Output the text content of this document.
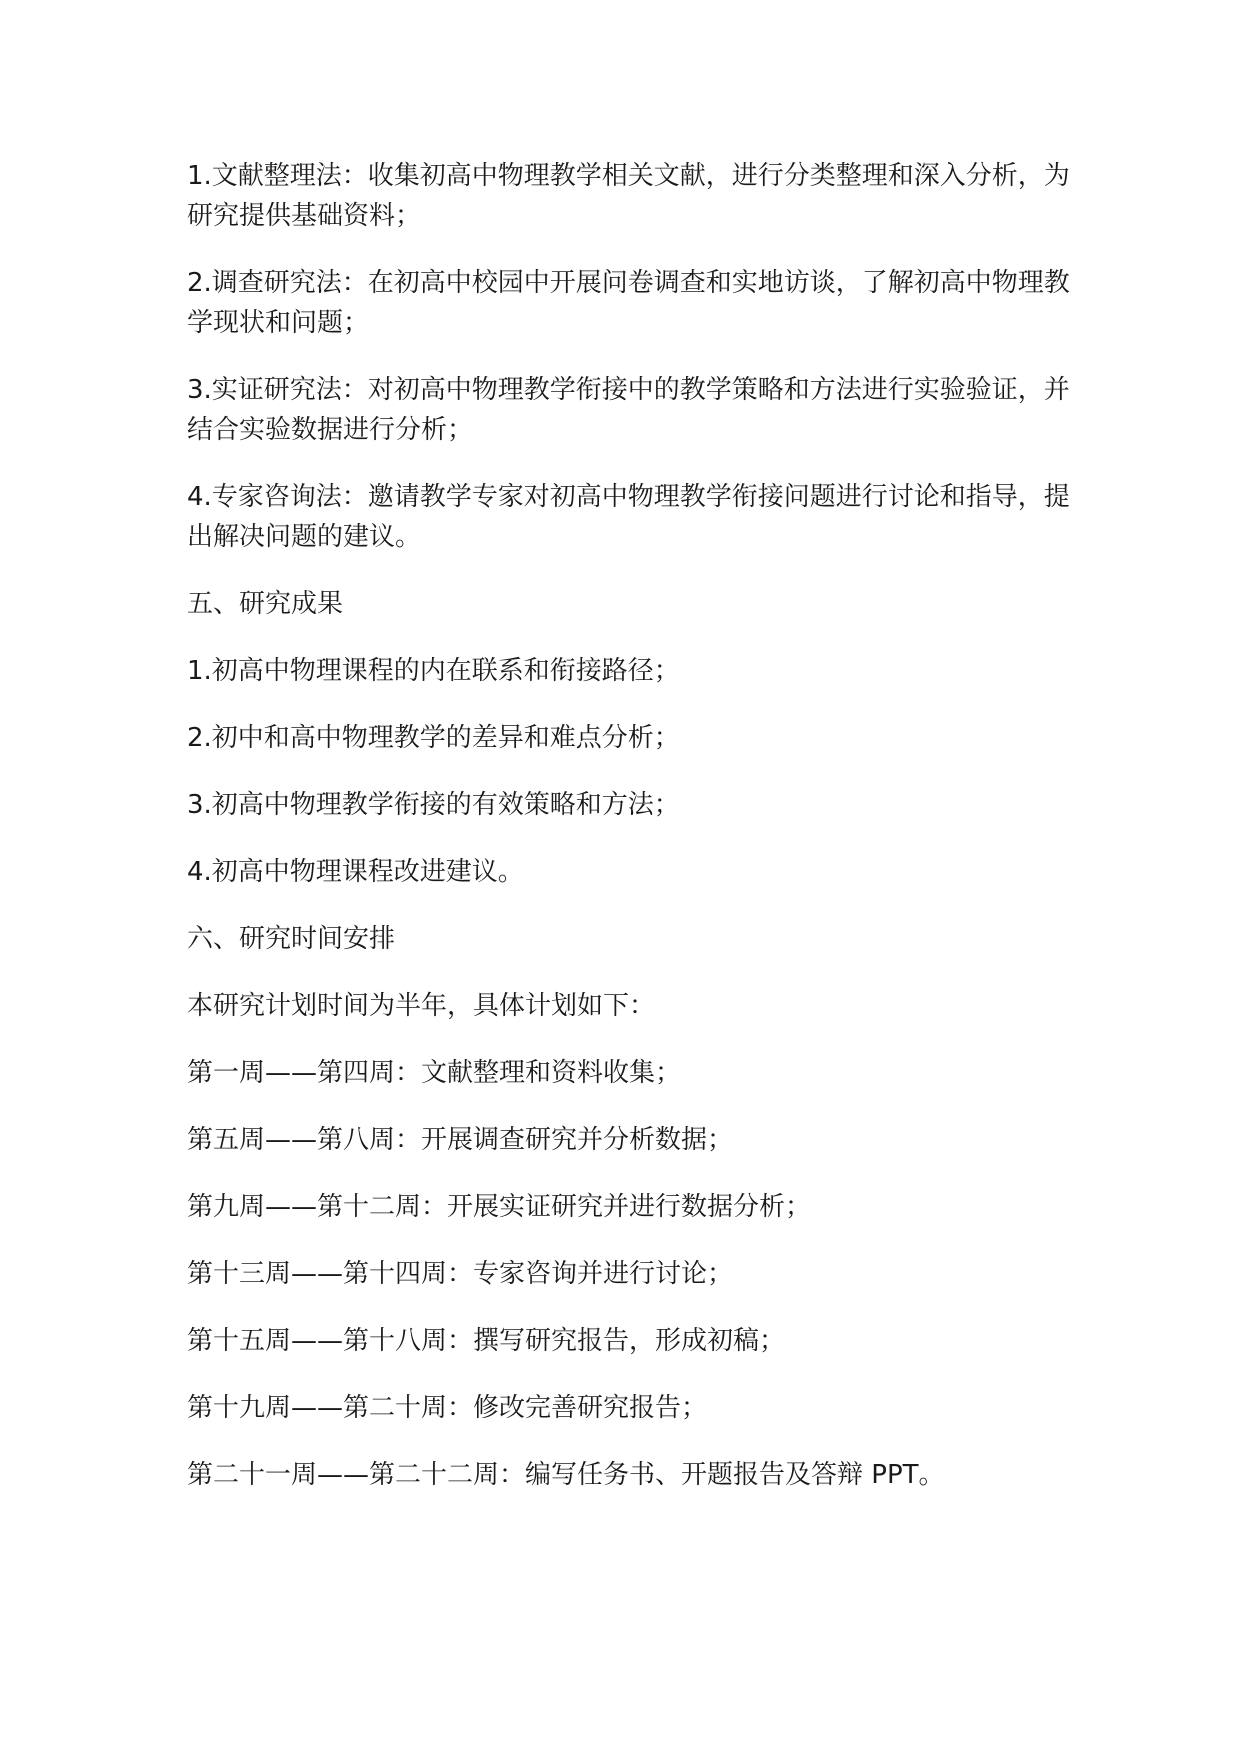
1.文献整理法：收集初高中物理教学相关文献，进行分类整理和深入分析，为研究提供基础资料；

2.调查研究法：在初高中校园中开展问卷调查和实地访谈，了解初高中物理教学现状和问题；

3.实证研究法：对初高中物理教学衔接中的教学策略和方法进行实验验证，并结合实验数据进行分析；

4.专家咨询法：邀请教学专家对初高中物理教学衔接问题进行讨论和指导，提出解决问题的建议。

五、研究成果

1.初高中物理课程的内在联系和衔接路径；

2.初中和高中物理教学的差异和难点分析；

3.初高中物理教学衔接的有效策略和方法；

4.初高中物理课程改进建议。

六、研究时间安排

本研究计划时间为半年，具体计划如下：

第一周——第四周：文献整理和资料收集；

第五周——第八周：开展调查研究并分析数据；

第九周——第十二周：开展实证研究并进行数据分析；

第十三周——第十四周：专家咨询并进行讨论；

第十五周——第十八周：撰写研究报告，形成初稿；

第十九周——第二十周：修改完善研究报告；

第二十一周——第二十二周：编写任务书、开题报告及答辩 PPT。
